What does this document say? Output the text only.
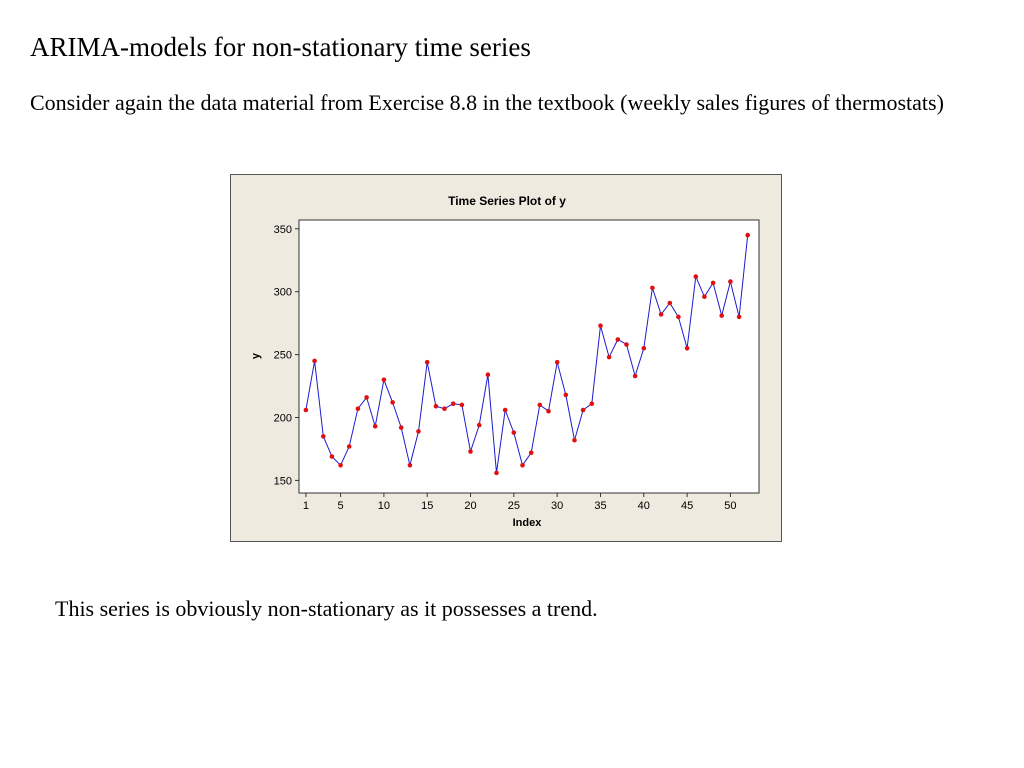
ARIMA-models for non-stationary time series
Consider again the data material from Exercise 8.8 in the textbook (weekly sales figures of thermostats)
Time Series Plot of y
150
200
250
300
350
1	5	10	15	20	25	30	35	40	45	50
y
Index
This series is obviously non-stationary as it possesses a trend.
